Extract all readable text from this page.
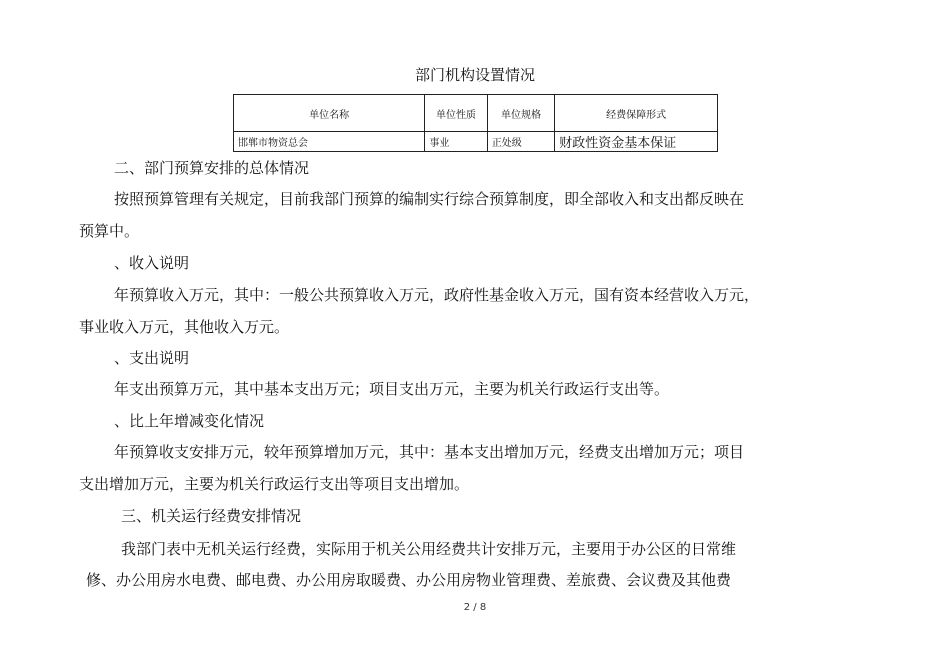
部门机构设置情况
单位名称	单位性质	单位规格	经费保障形式
邯郸市物资总会	事业	正处级	财政性资金基本保证
二、部门预算安排的总体情况
按照预算管理有关规定，目前我部门预算的编制实行综合预算制度，即全部收入和支出都反映在
预算中。
、收入说明
年预算收入万元，其中：一般公共预算收入万元，政府性基金收入万元，国有资本经营收入万元，
事业收入万元，其他收入万元。
、支出说明
年支出预算万元，其中基本支出万元；项目支出万元，主要为机关行政运行支出等。
、比上年增减变化情况
年预算收支安排万元，较年预算增加万元，其中：基本支出增加万元，经费支出增加万元；项目
支出增加万元，主要为机关行政运行支出等项目支出增加。
三、机关运行经费安排情况
我部门表中无机关运行经费，实际用于机关公用经费共计安排万元，主要用于办公区的日常维
修、办公用房水电费、邮电费、办公用房取暖费、办公用房物业管理费、差旅费、会议费及其他费
2 / 8
